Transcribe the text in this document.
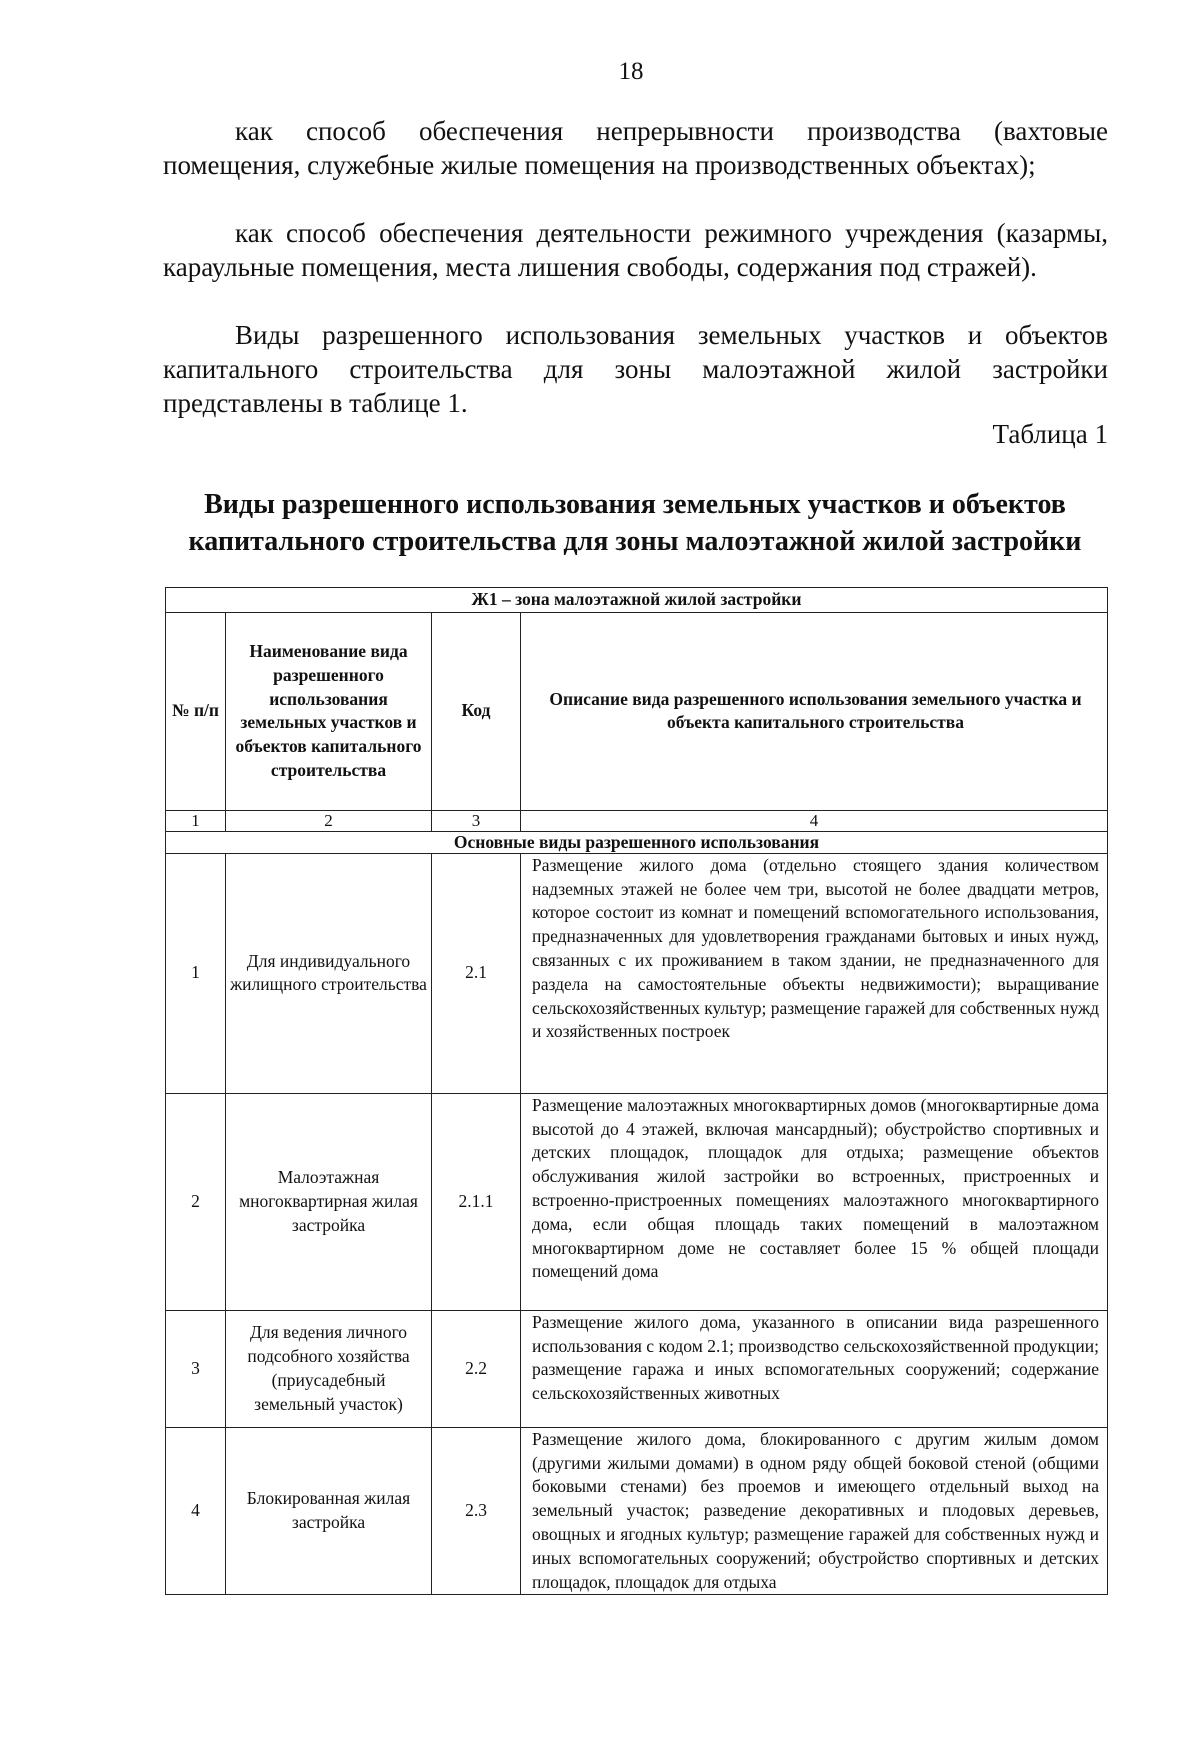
18

как способ обеспечения непрерывности производства (вахтовые помещения, служебные жилые помещения на производственных объектах);

как способ обеспечения деятельности режимного учреждения (казармы, караульные помещения, места лишения свободы, содержания под стражей).

Виды разрешенного использования земельных участков и объектов капитального строительства для зоны малоэтажной жилой застройки представлены в таблице 1.

Таблица 1
Виды разрешенного использования земельных участков и объектов
капитального строительства для зоны малоэтажной жилой застройки
Ж1 – зона малоэтажной жилой застройки			
№ п/п	Наименование вида разрешенного использования земельных участков и объектов капитального строительства	Код	Описание вида разрешенного использования земельного участка и объекта капитального строительства
1	2	3	4
Основные виды разрешенного использования			
1	Для индивидуального жилищного строительства	2.1	Размещение жилого дома (отдельно стоящего здания количеством надземных этажей не более чем три, высотой не более двадцати метров, которое состоит из комнат и помещений вспомогательного использования, предназначенных для удовлетворения гражданами бытовых и иных нужд, связанных с их проживанием в таком здании, не предназначенного для раздела на самостоятельные объекты недвижимости); выращивание сельскохозяйственных культур; размещение гаражей для собственных нужд и хозяйственных построек
2	Малоэтажная многоквартирная жилая застройка	2.1.1	Размещение малоэтажных многоквартирных домов (многоквартирные дома высотой до 4 этажей, включая мансардный); обустройство спортивных и детских площадок, площадок для отдыха; размещение объектов обслуживания жилой застройки во встроенных, пристроенных и встроенно-пристроенных помещениях малоэтажного многоквартирного дома, если общая площадь таких помещений в малоэтажном многоквартирном доме не составляет более 15 % общей площади помещений дома
3	Для ведения личного подсобного хозяйства (приусадебный земельный участок)	2.2	Размещение жилого дома, указанного в описании вида разрешенного использования с кодом 2.1; производство сельскохозяйственной продукции; размещение гаража и иных вспомогательных сооружений; содержание сельскохозяйственных животных
4	Блокированная жилая застройка	2.3	Размещение жилого дома, блокированного с другим жилым домом (другими жилыми домами) в одном ряду общей боковой стеной (общими боковыми стенами) без проемов и имеющего отдельный выход на земельный участок; разведение декоративных и плодовых деревьев, овощных и ягодных культур; размещение гаражей для собственных нужд и иных вспомогательных сооружений; обустройство спортивных и детских площадок, площадок для отдыха
